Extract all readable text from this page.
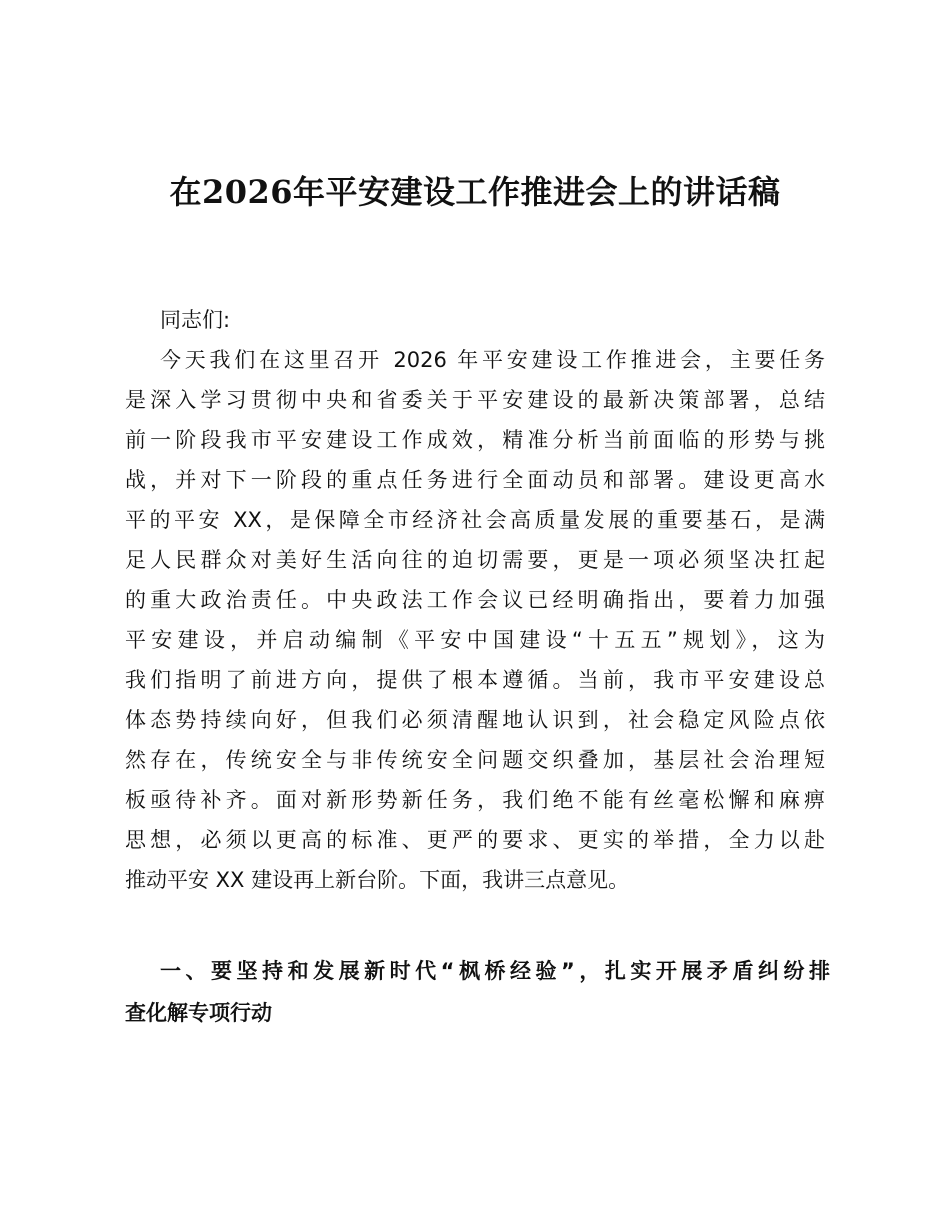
在2026年平安建设工作推进会上的讲话稿

同志们:

今天我们在这里召开 2026 年平安建设工作推进会，主要任务
是深入学习贯彻中央和省委关于平安建设的最新决策部署，总结
前一阶段我市平安建设工作成效，精准分析当前面临的形势与挑
战，并对下一阶段的重点任务进行全面动员和部署。建设更高水
平的平安 XX，是保障全市经济社会高质量发展的重要基石，是满
足人民群众对美好生活向往的迫切需要，更是一项必须坚决扛起
的重大政治责任。中央政法工作会议已经明确指出，要着力加强
平安建设，并启动编制《平安中国建设“十五五”规划》，这为
我们指明了前进方向，提供了根本遵循。当前，我市平安建设总
体态势持续向好，但我们必须清醒地认识到，社会稳定风险点依
然存在，传统安全与非传统安全问题交织叠加，基层社会治理短
板亟待补齐。面对新形势新任务，我们绝不能有丝毫松懈和麻痹
思想，必须以更高的标准、更严的要求、更实的举措，全力以赴
推动平安 XX 建设再上新台阶。下面，我讲三点意见。
一、要坚持和发展新时代“枫桥经验”，扎实开展矛盾纠纷排
查化解专项行动
